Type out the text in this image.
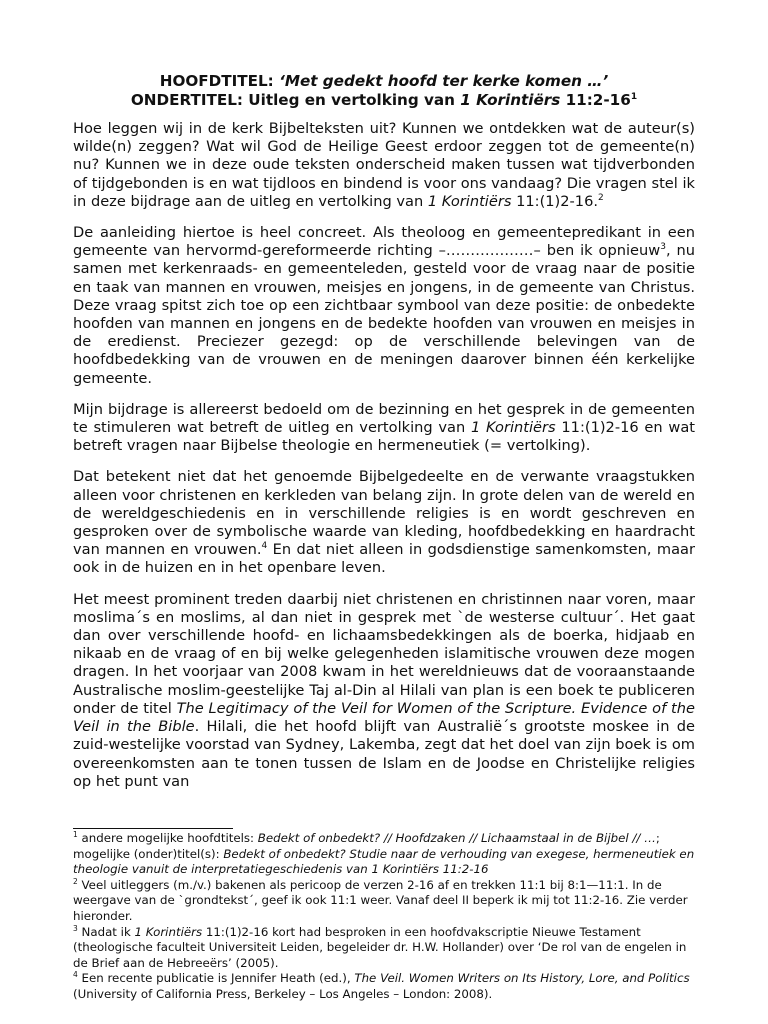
HOOFDTITEL: ‘Met gedekt hoofd ter kerke komen …’
ONDERTITEL: Uitleg en vertolking van 1 Korintiërs $11:2-16^1$

Hoe leggen wij in de kerk Bijbelteksten uit? Kunnen we ontdekken wat de auteur(s) wilde(n) zeggen? Wat wil God de Heilige Geest erdoor zeggen tot de gemeente(n) nu? Kunnen we in deze oude teksten onderscheid maken tussen wat tijdverbonden of tijdgebonden is en wat tijdloos en bindend is voor ons vandaag? Die vragen stel ik in deze bijdrage aan de uitleg en vertolking van 1 Korintiërs 11:(1)2-16.$^2$

De aanleiding hiertoe is heel concreet. Als theoloog en gemeentepredikant in een gemeente van hervormd-gereformeerde richting –………………– ben ik opnieuw$^3$, nu samen met kerkenraads- en gemeenteleden, gesteld voor de vraag naar de positie en taak van mannen en vrouwen, meisjes en jongens, in de gemeente van Christus. Deze vraag spitst zich toe op een zichtbaar symbool van deze positie: de onbedekte hoofden van mannen en jongens en de bedekte hoofden van vrouwen en meisjes in de eredienst. Preciezer gezegd: op de verschillende belevingen van de hoofdbedekking van de vrouwen en de meningen daarover binnen één kerkelijke gemeente.

Mijn bijdrage is allereerst bedoeld om de bezinning en het gesprek in de gemeenten te stimuleren wat betreft de uitleg en vertolking van 1 Korintiërs 11:(1)2-16 en wat betreft vragen naar Bijbelse theologie en hermeneutiek (= vertolking).

Dat betekent niet dat het genoemde Bijbelgedeelte en de verwante vraagstukken alleen voor christenen en kerkleden van belang zijn. In grote delen van de wereld en de wereldgeschiedenis en in verschillende religies is en wordt geschreven en gesproken over de symbolische waarde van kleding, hoofdbedekking en haardracht van mannen en vrouwen.$^4$ En dat niet alleen in godsdienstige samenkomsten, maar ook in de huizen en in het openbare leven.

Het meest prominent treden daarbij niet christenen en christinnen naar voren, maar moslima´s en moslims, al dan niet in gesprek met `de westerse cultuur´. Het gaat dan over verschillende hoofd- en lichaamsbedekkingen als de boerka, hidjaab en nikaab en de vraag of en bij welke gelegenheden islamitische vrouwen deze mogen dragen. In het voorjaar van 2008 kwam in het wereldnieuws dat de vooraanstaande Australische moslim-geestelijke Taj al-Din al Hilali van plan is een boek te publiceren onder de titel The Legitimacy of the Veil for Women of the Scripture. Evidence of the Veil in the Bible. Hilali, die het hoofd blijft van Australië´s grootste moskee in de zuid-westelijke voorstad van Sydney, Lakemba, zegt dat het doel van zijn boek is om overeenkomsten aan te tonen tussen de Islam en de Joodse en Christelijke religies op het punt van

$^1$ andere mogelijke hoofdtitels: Bedekt of onbedekt? // Hoofdzaken // Lichaamstaal in de Bijbel // …; mogelijke (onder)titel(s): Bedekt of onbedekt? Studie naar de verhouding van exegese, hermeneutiek en theologie vanuit de interpretatiegeschiedenis van 1 Korintiërs 11:2-16

$^2$ Veel uitleggers (m./v.) bakenen als pericoop de verzen 2-16 af en trekken 11:1 bij 8:1—11:1. In de weergave van de `grondtekst´, geef ik ook 11:1 weer. Vanaf deel II beperk ik mij tot 11:2-16. Zie verder hieronder.

$^3$ Nadat ik 1 Korintiërs 11:(1)2-16 kort had besproken in een hoofdvakscriptie Nieuwe Testament (theologische faculteit Universiteit Leiden, begeleider dr. H.W. Hollander) over ‘De rol van de engelen in de Brief aan de Hebreeërs’ (2005).

$^4$ Een recente publicatie is Jennifer Heath (ed.), The Veil. Women Writers on Its History, Lore, and Politics (University of California Press, Berkeley – Los Angeles – London: 2008).
